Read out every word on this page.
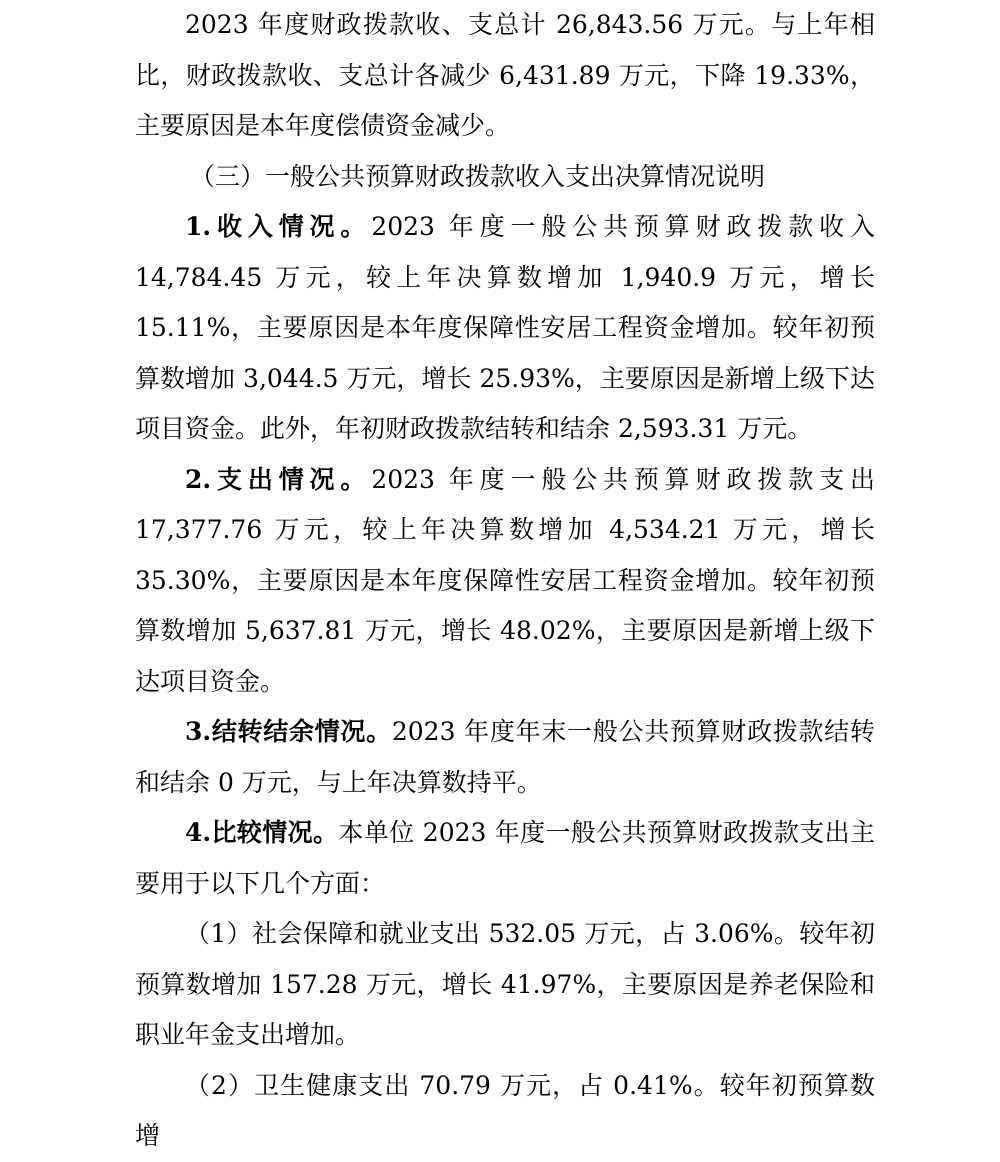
2023 年度财政拨款收、支总计 26,843.56 万元。与上年相比，财政拨款收、支总计各减少 6,431.89 万元，下降 19.33%，主要原因是本年度偿债资金减少。

（三）一般公共预算财政拨款收入支出决算情况说明

1.收入情况。2023 年度一般公共预算财政拨款收入 14,784.45 万元，较上年决算数增加 1,940.9 万元，增长 15.11%，主要原因是本年度保障性安居工程资金增加。较年初预算数增加 3,044.5 万元，增长 25.93%，主要原因是新增上级下达项目资金。此外，年初财政拨款结转和结余 2,593.31 万元。

2.支出情况。2023 年度一般公共预算财政拨款支出 17,377.76 万元，较上年决算数增加 4,534.21 万元，增长 35.30%，主要原因是本年度保障性安居工程资金增加。较年初预算数增加 5,637.81 万元，增长 48.02%，主要原因是新增上级下达项目资金。

3.结转结余情况。2023 年度年末一般公共预算财政拨款结转和结余 0 万元，与上年决算数持平。

4.比较情况。本单位 2023 年度一般公共预算财政拨款支出主要用于以下几个方面：

（1）社会保障和就业支出 532.05 万元，占 3.06%。较年初预算数增加 157.28 万元，增长 41.97%，主要原因是养老保险和职业年金支出增加。

（2）卫生健康支出 70.79 万元，占 0.41%。较年初预算数增
